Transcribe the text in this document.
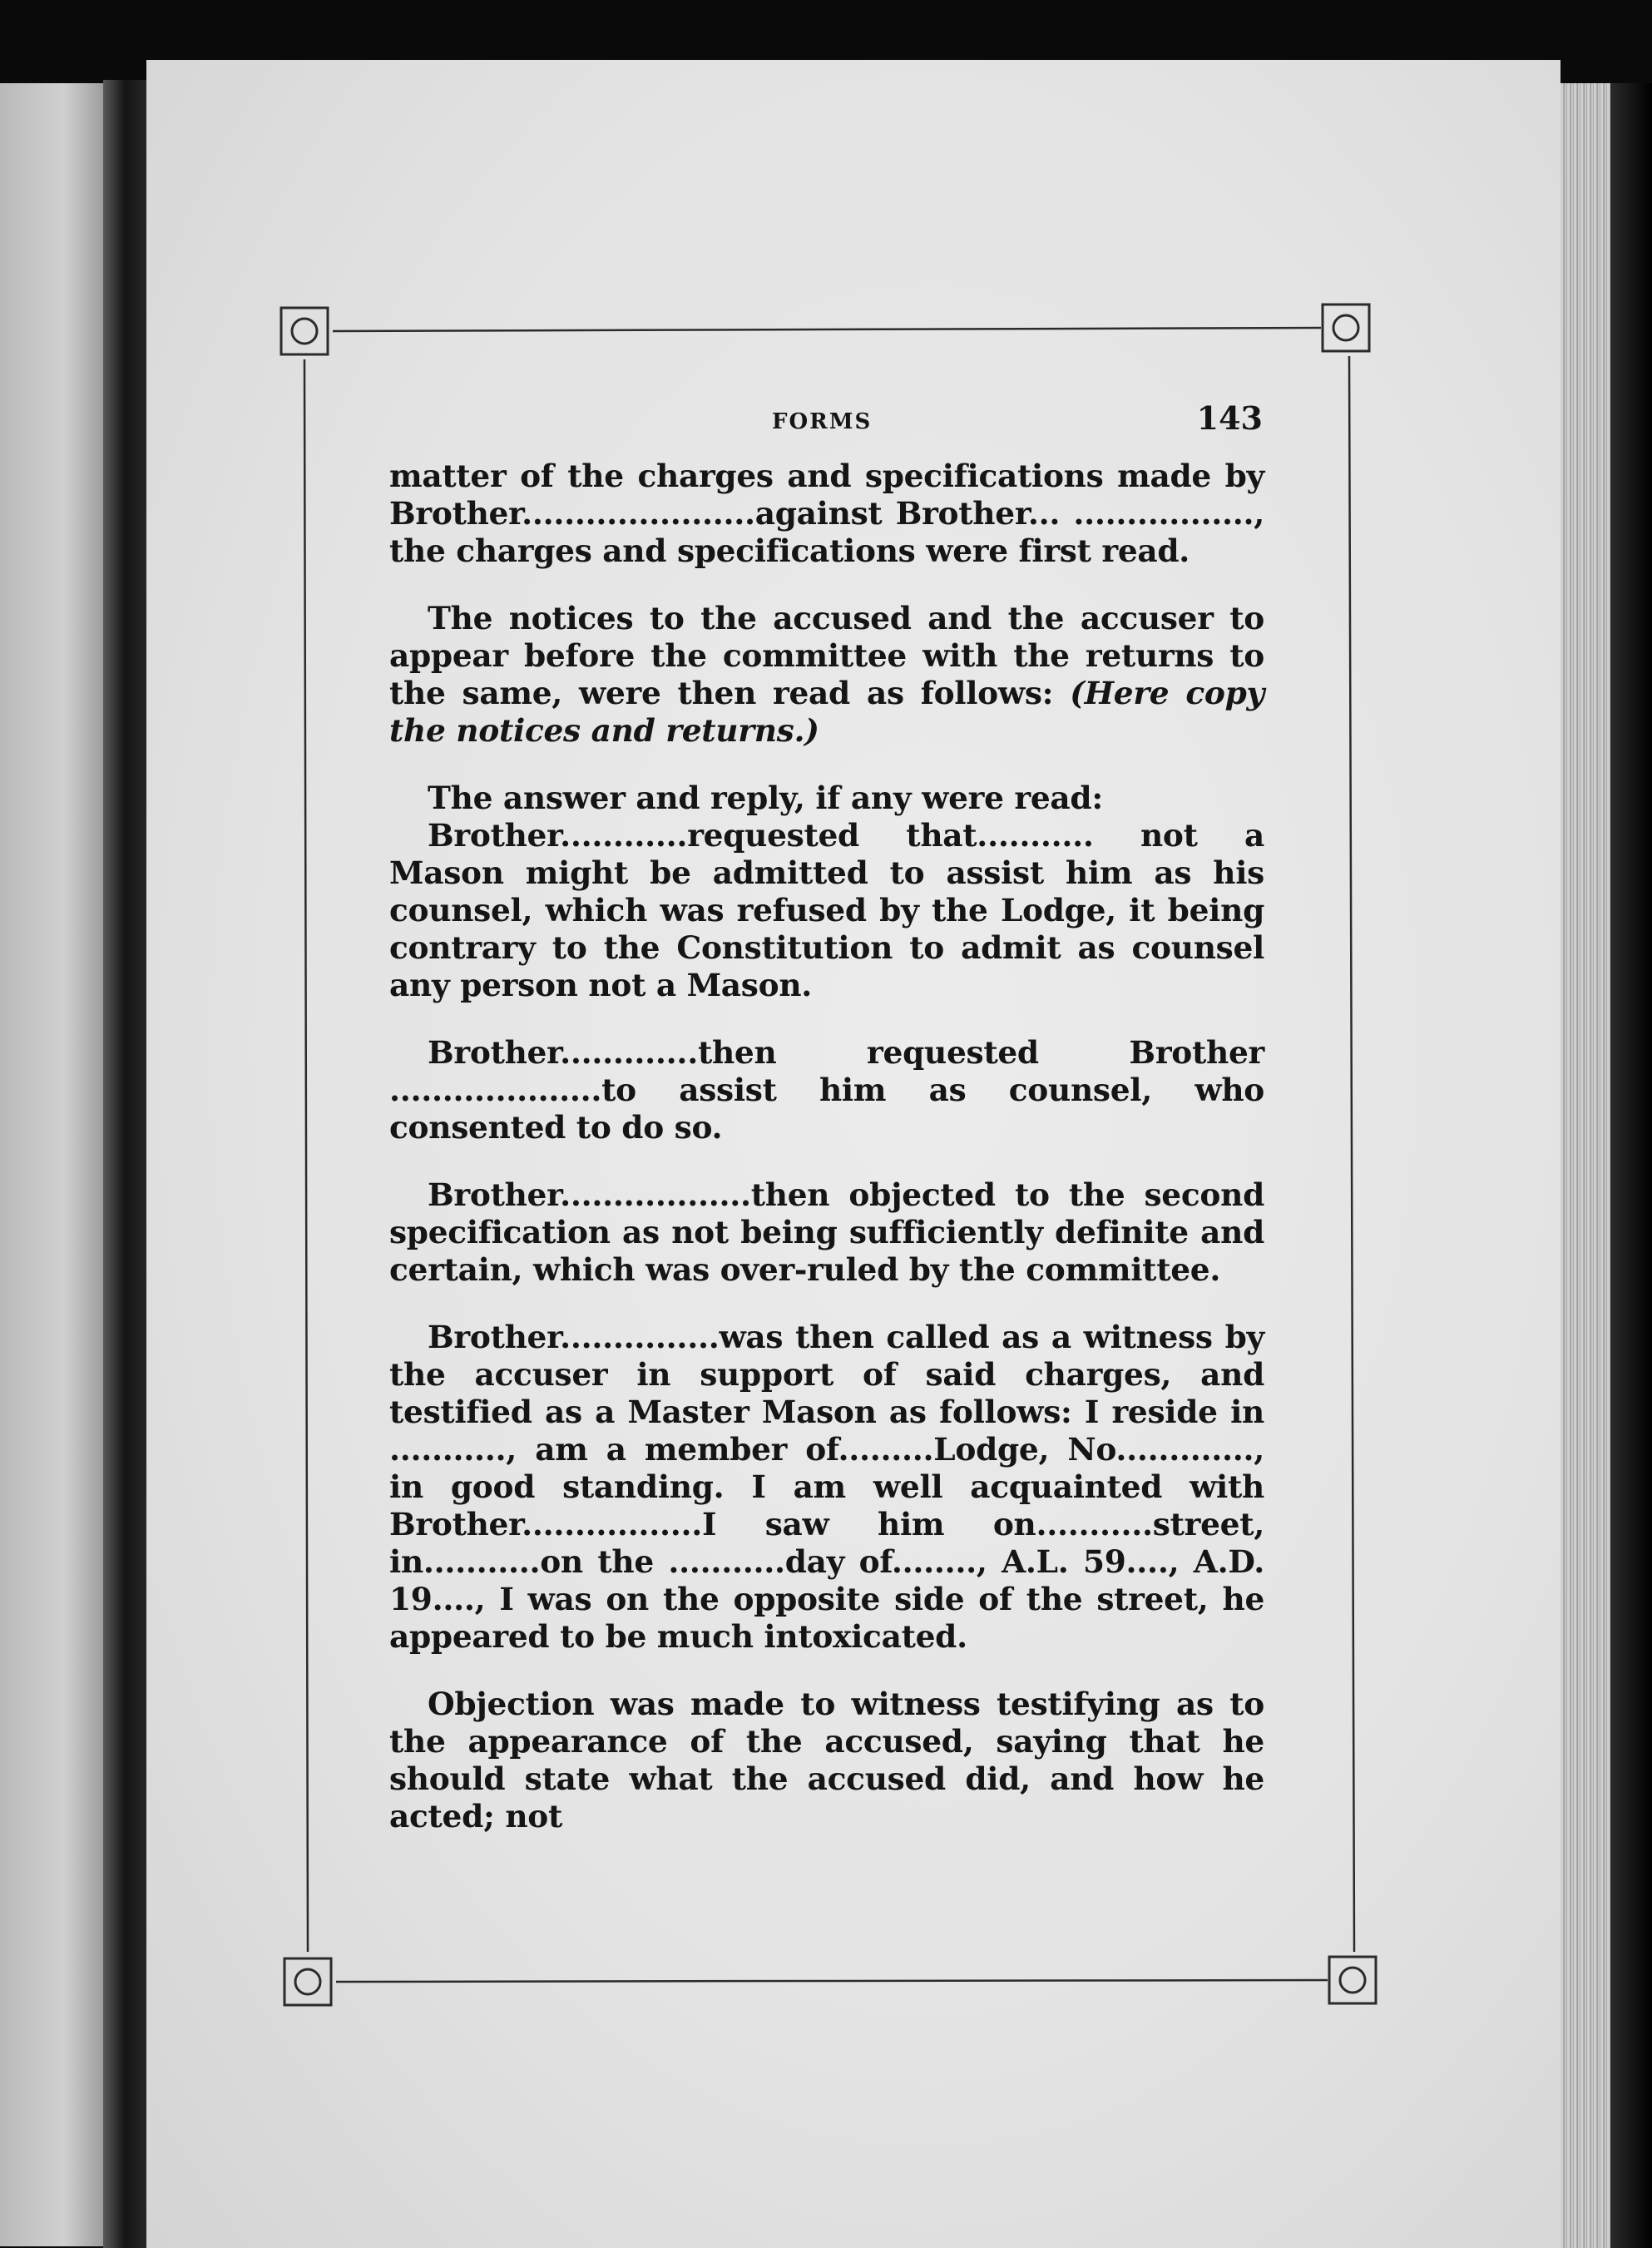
FORMS	143

matter of the charges and specifications made by Brother......................against Brother... ................., the charges and specifications were first read.

The notices to the accused and the accuser to appear before the committee with the returns to the same, were then read as follows: (Here copy the notices and returns.)

The answer and reply, if any were read:

Brother............requested that........... not a Mason might be admitted to assist him as his counsel, which was refused by the Lodge, it being contrary to the Constitution to admit as counsel any person not a Mason.

Brother.............then requested Brother ....................to assist him as counsel, who consented to do so.

Brother..................then objected to the second specification as not being sufficiently definite and certain, which was over-ruled by the committee.

Brother...............was then called as a witness by the accuser in support of said charges, and testified as a Master Mason as follows: I reside in ..........., am a member of.........Lodge, No............., in good standing. I am well acquainted with Brother.................I saw him on...........street, in...........on the ...........day of........, A.L. 59...., A.D. 19...., I was on the opposite side of the street, he appeared to be much intoxicated.

Objection was made to witness testifying as to the appearance of the accused, saying that he should state what the accused did, and how he acted; not
